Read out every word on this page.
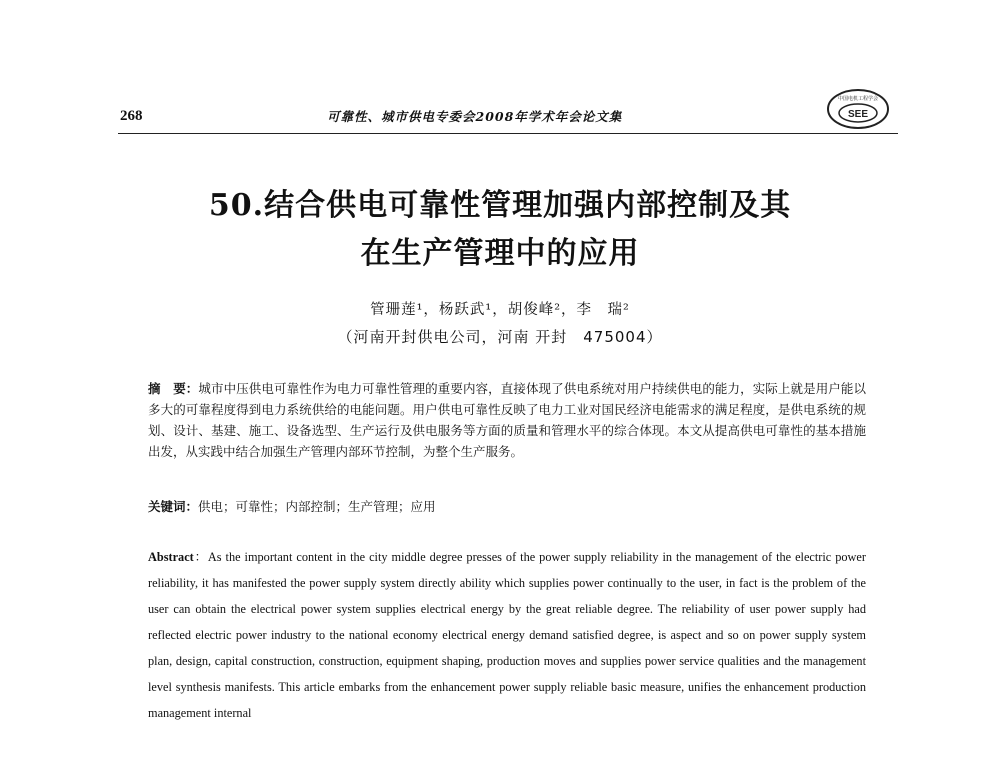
268	可靠性、城市供电专委会2008年学术年会论文集	SEE
中国电机工程学会
50.结合供电可靠性管理加强内部控制及其
在生产管理中的应用
管珊莲¹，杨跃武¹，胡俊峰²，李　瑞²
（河南开封供电公司，河南 开封　475004）
摘　要：城市中压供电可靠性作为电力可靠性管理的重要内容，直接体现了供电系统对用户持续供电的能力，实际上就是用户能以多大的可靠程度得到电力系统供给的电能问题。用户供电可靠性反映了电力工业对国民经济电能需求的满足程度，是供电系统的规划、设计、基建、施工、设备选型、生产运行及供电服务等方面的质量和管理水平的综合体现。本文从提高供电可靠性的基本措施出发，从实践中结合加强生产管理内部环节控制，为整个生产服务。
关键词：供电；可靠性；内部控制；生产管理；应用
Abstract：As the important content in the city middle degree presses of the power supply reliability in the management of the electric power reliability, it has manifested the power supply system directly ability which supplies power continually to the user, in fact is the problem of the user can obtain the electrical power system supplies electrical energy by the great reliable degree. The reliability of user power supply had reflected electric power industry to the national economy electrical energy demand satisfied degree, is aspect and so on power supply system plan, design, capital construction, construction, equipment shaping, production moves and supplies power service qualities and the management level synthesis manifests. This article embarks from the enhancement power supply reliable basic measure, unifies the enhancement production management internal
